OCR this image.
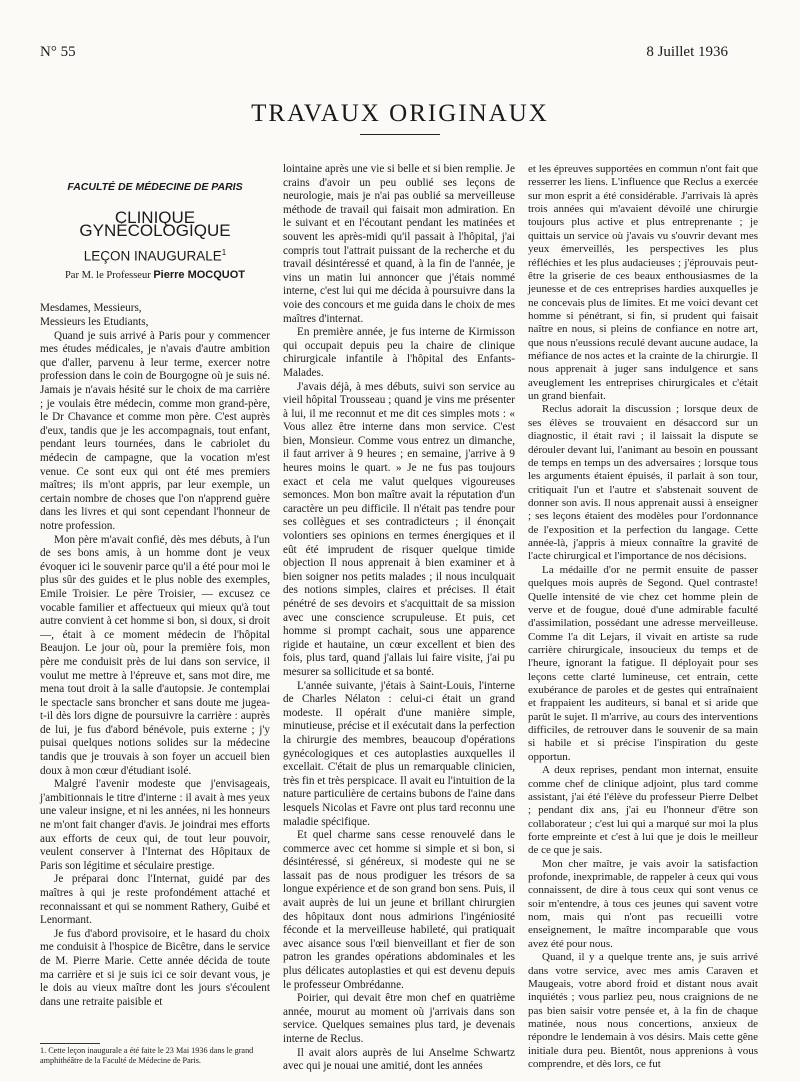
N° 55	8 Juillet 1936
TRAVAUX ORIGINAUX
FACULTÉ DE MÉDECINE DE PARIS
CLINIQUE GYNÉCOLOGIQUE
LEÇON INAUGURALE$^1$
Par M. le Professeur Pierre MOCQUOT

Mesdames, Messieurs,
Messieurs les Etudiants,

Quand je suis arrivé à Paris pour y commencer mes études médicales, je n'avais d'autre ambition que d'aller, parvenu à leur terme, exercer notre profession dans le coin de Bourgogne où je suis né. Jamais je n'avais hésité sur le choix de ma carrière ; je voulais être médecin, comme mon grand-père, le Dr Chavance et comme mon père. C'est auprès d'eux, tandis que je les accompagnais, tout enfant, pendant leurs tournées, dans le cabriolet du médecin de campagne, que la vocation m'est venue. Ce sont eux qui ont été mes premiers maîtres; ils m'ont appris, par leur exemple, un certain nombre de choses que l'on n'apprend guère dans les livres et qui sont cependant l'honneur de notre profession.

Mon père m'avait confié, dès mes débuts, à l'un de ses bons amis, à un homme dont je veux évoquer ici le souvenir parce qu'il a été pour moi le plus sûr des guides et le plus noble des exemples, Emile Troisier. Le père Troisier, — excusez ce vocable familier et affectueux qui mieux qu'à tout autre convient à cet homme si bon, si doux, si droit —, était à ce moment médecin de l'hôpital Beaujon. Le jour où, pour la première fois, mon père me conduisit près de lui dans son service, il voulut me mettre à l'épreuve et, sans mot dire, me mena tout droit à la salle d'autopsie. Je contemplai le spectacle sans broncher et sans doute me jugea-t-il dès lors digne de poursuivre la carrière : auprès de lui, je fus d'abord bénévole, puis externe ; j'y puisai quelques notions solides sur la médecine tandis que je trouvais à son foyer un accueil bien doux à mon cœur d'étudiant isolé.

Malgré l'avenir modeste que j'envisageais, j'ambitionnais le titre d'interne : il avait à mes yeux une valeur insigne, et ni les années, ni les honneurs ne m'ont fait changer d'avis. Je joindrai mes efforts aux efforts de ceux qui, de tout leur pouvoir, veulent conserver à l'Internat des Hôpitaux de Paris son légitime et séculaire prestige.

Je préparai donc l'Internat, guidé par des maîtres à qui je reste profondément attaché et reconnaissant et qui se nomment Rathery, Guibé et Lenormant.

Je fus d'abord provisoire, et le hasard du choix me conduisit à l'hospice de Bicêtre, dans le service de M. Pierre Marie. Cette année décida de toute ma carrière et si je suis ici ce soir devant vous, je le dois au vieux maître dont les jours s'écoulent dans une retraite paisible et

lointaine après une vie si belle et si bien remplie. Je crains d'avoir un peu oublié ses leçons de neurologie, mais je n'ai pas oublié sa merveilleuse méthode de travail qui faisait mon admiration. En le suivant et en l'écoutant pendant les matinées et souvent les après-midi qu'il passait à l'hôpital, j'ai compris tout l'attrait puissant de la recherche et du travail désintéressé et quand, à la fin de l'année, je vins un matin lui annoncer que j'étais nommé interne, c'est lui qui me décida à poursuivre dans la voie des concours et me guida dans le choix de mes maîtres d'internat.

En première année, je fus interne de Kirmisson qui occupait depuis peu la chaire de clinique chirurgicale infantile à l'hôpital des Enfants-Malades.

J'avais déjà, à mes débuts, suivi son service au vieil hôpital Trousseau ; quand je vins me présenter à lui, il me reconnut et me dit ces simples mots : « Vous allez être interne dans mon service. C'est bien, Monsieur. Comme vous entrez un dimanche, il faut arriver à 9 heures ; en semaine, j'arrive à 9 heures moins le quart. » Je ne fus pas toujours exact et cela me valut quelques vigoureuses semonces. Mon bon maître avait la réputation d'un caractère un peu difficile. Il n'était pas tendre pour ses collègues et ses contradicteurs ; il énonçait volontiers ses opinions en termes énergiques et il eût été imprudent de risquer quelque timide objection Il nous apprenait à bien examiner et à bien soigner nos petits malades ; il nous inculquait des notions simples, claires et précises. Il était pénétré de ses devoirs et s'acquittait de sa mission avec une conscience scrupuleuse. Et puis, cet homme si prompt cachait, sous une apparence rigide et hautaine, un cœur excellent et bien des fois, plus tard, quand j'allais lui faire visite, j'ai pu mesurer sa sollicitude et sa bonté.

L'année suivante, j'étais à Saint-Louis, l'interne de Charles Nélaton : celui-ci était un grand modeste. Il opérait d'une manière simple, minutieuse, précise et il exécutait dans la perfection la chirurgie des membres, beaucoup d'opérations gynécologiques et ces autoplasties auxquelles il excellait. C'était de plus un remarquable clinicien, très fin et très perspicace. Il avait eu l'intuition de la nature particulière de certains bubons de l'aine dans lesquels Nicolas et Favre ont plus tard reconnu une maladie spécifique.

Et quel charme sans cesse renouvelé dans le commerce avec cet homme si simple et si bon, si désintéressé, si généreux, si modeste qui ne se lassait pas de nous prodiguer les trésors de sa longue expérience et de son grand bon sens. Puis, il avait auprès de lui un jeune et brillant chirurgien des hôpitaux dont nous admirions l'ingéniosité féconde et la merveilleuse habileté, qui pratiquait avec aisance sous l'œil bienveillant et fier de son patron les grandes opérations abdominales et les plus délicates autoplasties et qui est devenu depuis le professeur Ombrédanne.

Poirier, qui devait être mon chef en quatrième année, mourut au moment où j'arrivais dans son service. Quelques semaines plus tard, je devenais interne de Reclus.

Il avait alors auprès de lui Anselme Schwartz avec qui je nouai une amitié, dont les années

et les épreuves supportées en commun n'ont fait que resserrer les liens. L'influence que Reclus a exercée sur mon esprit a été considérable. J'arrivais là après trois années qui m'avaient dévoilé une chirurgie toujours plus active et plus entreprenante ; je quittais un service où j'avais vu s'ouvrir devant mes yeux émerveillés, les perspectives les plus réfléchies et les plus audacieuses ; j'éprouvais peut-être la griserie de ces beaux enthousiasmes de la jeunesse et de ces entreprises hardies auxquelles je ne concevais plus de limites. Et me voici devant cet homme si pénétrant, si fin, si prudent qui faisait naître en nous, si pleins de confiance en notre art, que nous n'eussions reculé devant aucune audace, la méfiance de nos actes et la crainte de la chirurgie. Il nous apprenait à juger sans indulgence et sans aveuglement les entreprises chirurgicales et c'était un grand bienfait.

Reclus adorait la discussion ; lorsque deux de ses élèves se trouvaient en désaccord sur un diagnostic, il était ravi ; il laissait la dispute se dérouler devant lui, l'animant au besoin en poussant de temps en temps un des adversaires ; lorsque tous les arguments étaient épuisés, il parlait à son tour, critiquait l'un et l'autre et s'abstenait souvent de donner son avis. Il nous apprenait aussi à enseigner ; ses leçons étaient des modèles pour l'ordonnance de l'exposition et la perfection du langage. Cette année-là, j'appris à mieux connaître la gravité de l'acte chirurgical et l'importance de nos décisions.

La médaille d'or ne permit ensuite de passer quelques mois auprès de Segond. Quel contraste! Quelle intensité de vie chez cet homme plein de verve et de fougue, doué d'une admirable faculté d'assimilation, possédant une adresse merveilleuse. Comme l'a dit Lejars, il vivait en artiste sa rude carrière chirurgicale, insoucieux du temps et de l'heure, ignorant la fatigue. Il déployait pour ses leçons cette clarté lumineuse, cet entrain, cette exubérance de paroles et de gestes qui entraînaient et frappaient les auditeurs, si banal et si aride que parût le sujet. Il m'arrive, au cours des interventions difficiles, de retrouver dans le souvenir de sa main si habile et si précise l'inspiration du geste opportun.

A deux reprises, pendant mon internat, ensuite comme chef de clinique adjoint, plus tard comme assistant, j'ai été l'élève du professeur Pierre Delbet ; pendant dix ans, j'ai eu l'honneur d'être son collaborateur ; c'est lui qui a marqué sur moi la plus forte empreinte et c'est à lui que je dois le meilleur de ce que je sais.

Mon cher maître, je vais avoir la satisfaction profonde, inexprimable, de rappeler à ceux qui vous connaissent, de dire à tous ceux qui sont venus ce soir m'entendre, à tous ces jeunes qui savent votre nom, mais qui n'ont pas recueilli votre enseignement, le maître incomparable que vous avez été pour nous.

Quand, il y a quelque trente ans, je suis arrivé dans votre service, avec mes amis Caraven et Maugeais, votre abord froid et distant nous avait inquiétés ; vous parliez peu, nous craignions de ne pas bien saisir votre pensée et, à la fin de chaque matinée, nous nous concertions, anxieux de répondre le lendemain à vos désirs. Mais cette gêne initiale dura peu. Bientôt, nous apprenions à vous comprendre, et dès lors, ce fut

1. Cette leçon inaugurale a été faite le 23 Mai 1936 dans le grand amphithéâtre de la Faculté de Médecine de Paris.
